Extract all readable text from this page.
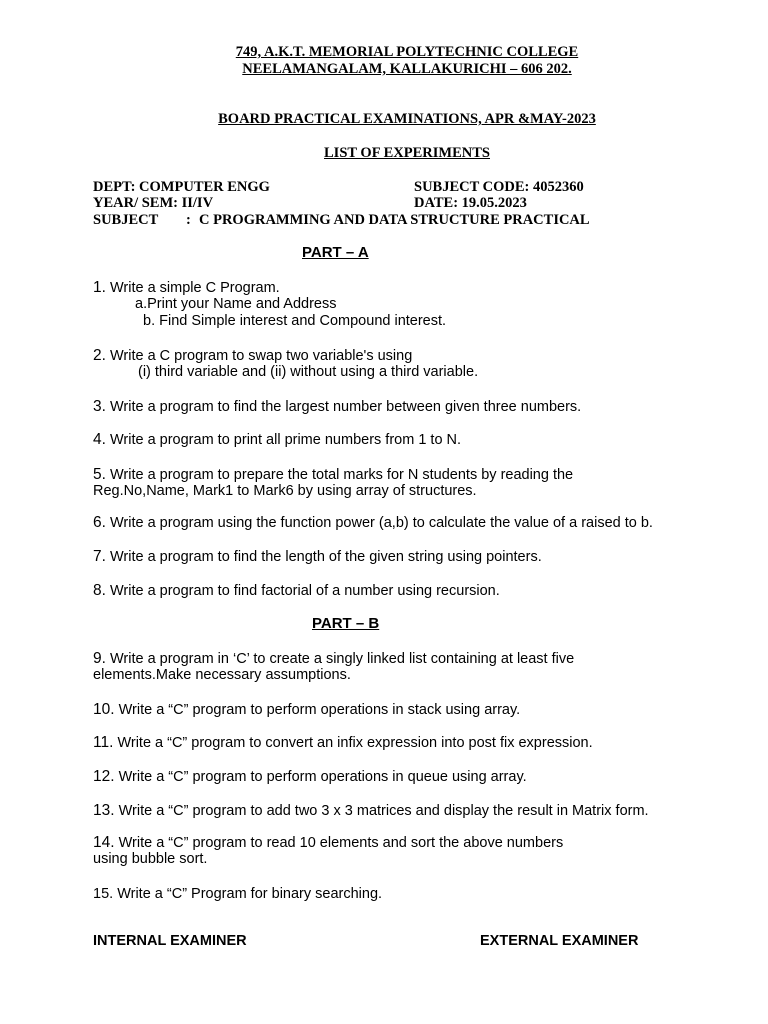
749, A.K.T. MEMORIAL POLYTECHNIC COLLEGE
NEELAMANGALAM, KALLAKURICHI – 606 202.
BOARD PRACTICAL EXAMINATIONS, APR &MAY-2023
LIST OF EXPERIMENTS
DEPT: COMPUTER ENGG	SUBJECT CODE: 4052360
YEAR/ SEM: II/IV	DATE: 19.05.2023
SUBJECT : C PROGRAMMING AND DATA STRUCTURE PRACTICAL
PART – A
1. Write a simple C Program.
a.Print your Name and Address
b. Find Simple interest and Compound interest.
2. Write a C program to swap two variable's using
(i) third variable and (ii) without using a third variable.
3. Write a program to find the largest number between given three numbers.
4. Write a program to print all prime numbers from 1 to N.
5. Write a program to prepare the total marks for N students by reading the
Reg.No,Name, Mark1 to Mark6 by using array of structures.
6. Write a program using the function power (a,b) to calculate the value of a raised to b.
7. Write a program to find the length of the given string using pointers.
8. Write a program to find factorial of a number using recursion.
PART – B
9. Write a program in ‘C’ to create a singly linked list containing at least five
elements.Make necessary assumptions.
10. Write a “C” program to perform operations in stack using array.
11. Write a “C” program to convert an infix expression into post fix expression.
12. Write a “C” program to perform operations in queue using array.
13. Write a “C” program to add two 3 x 3 matrices and display the result in Matrix form.
14. Write a “C” program to read 10 elements and sort the above numbers
using bubble sort.
15. Write a “C” Program for binary searching.
INTERNAL EXAMINER	EXTERNAL EXAMINER
